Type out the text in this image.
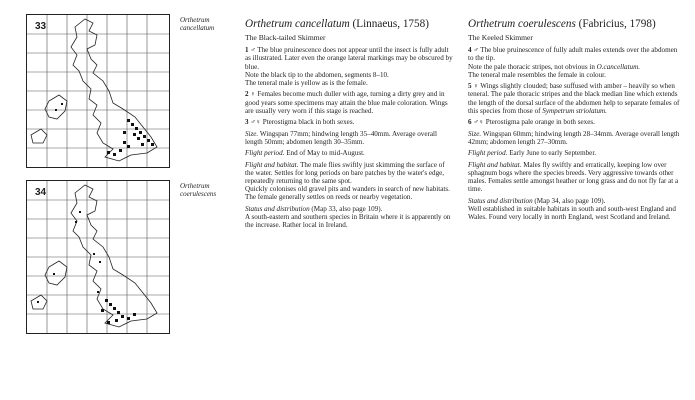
33
Orthetrum
cancellatum
34
Orthetrum
coerulescens

Orthetrum cancellatum (Linnaeus, 1758)

The Black-tailed Skimmer

1 ♂ The blue pruinescence does not appear until the insect is fully adult as illustrated. Later even the orange lateral markings may be obscured by blue.
Note the black tip to the abdomen, segments 8–10.
The teneral male is yellow as is the female.

2 ♀ Females become much duller with age, turning a dirty grey and in good years some specimens may attain the blue male coloration. Wings are usually very worn if this stage is reached.

3 ♂♀ Pterostigma black in both sexes.

Size. Wingspan 77mm; hindwing length 35–40mm. Average overall length 50mm; abdomen length 30–35mm.

Flight period. End of May to mid-August.

Flight and habitat. The male flies swiftly just skimming the surface of the water. Settles for long periods on bare patches by the water's edge, repeatedly returning to the same spot.
Quickly colonises old gravel pits and wanders in search of new habitats. The female generally settles on reeds or nearby vegetation.

Status and distribution (Map 33, also page 109).
A south-eastern and southern species in Britain where it is apparently on the increase. Rather local in Ireland.

Orthetrum coerulescens (Fabricius, 1798)

The Keeled Skimmer

4 ♂ The blue pruinescence of fully adult males extends over the abdomen to the tip.
Note the pale thoracic stripes, not obvious in O.cancellatum.
The teneral male resembles the female in colour.

5 ♀ Wings slightly clouded; base suffused with amber – heavily so when teneral. The pale thoracic stripes and the black median line which extends the length of the dorsal surface of the abdomen help to separate females of this species from those of Sympetrum striolatum.

6 ♂♀ Pterostigma pale orange in both sexes.

Size. Wingspan 60mm; hindwing length 28–34mm. Average overall length 42mm; abdomen length 27–30mm.

Flight period. Early June to early September.

Flight and habitat. Males fly swiftly and erratically, keeping low over sphagnum bogs where the species breeds. Very aggressive towards other males. Females settle amongst heather or long grass and do not fly far at a time.

Status and distribution (Map 34, also page 109).
Well established in suitable habitats in south and south-west England and Wales. Found very locally in north England, west Scotland and Ireland.
